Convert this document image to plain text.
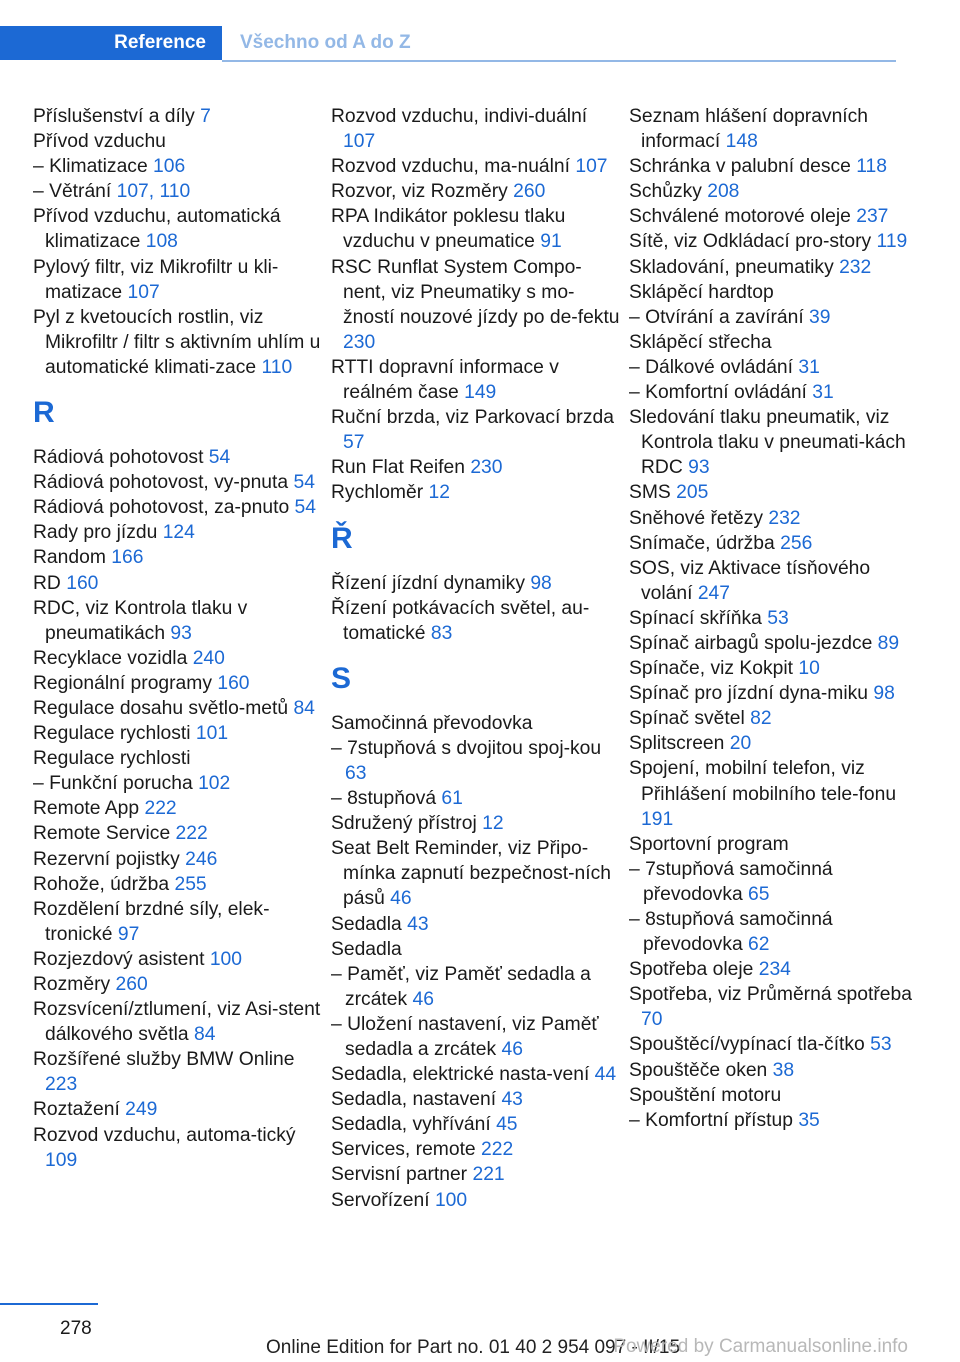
Reference	Všechno od A do Z
Příslušenství a díly 7
Přívod vzduchu
– Klimatizace 106
– Větrání 107, 110
Přívod vzduchu, automatická klimatizace 108
Pylový filtr, viz Mikrofiltr u kli-matizace 107
Pyl z kvetoucích rostlin, viz Mikrofiltr / filtr s aktivním uhlím u automatické klimati-zace 110
R
Rádiová pohotovost 54
Rádiová pohotovost, vy-pnuta 54
Rádiová pohotovost, za-pnuto 54
Rady pro jízdu 124
Random 166
RD 160
RDC, viz Kontrola tlaku v pneumatikách 93
Recyklace vozidla 240
Regionální programy 160
Regulace dosahu světlo-metů 84
Regulace rychlosti 101
Regulace rychlosti
– Funkční porucha 102
Remote App 222
Remote Service 222
Rezervní pojistky 246
Rohože, údržba 255
Rozdělení brzdné síly, elek-tronické 97
Rozjezdový asistent 100
Rozměry 260
Rozsvícení/ztlumení, viz Asi-stent dálkového světla 84
Rozšířené služby BMW Online 223
Roztažení 249
Rozvod vzduchu, automa-tický 109
Rozvod vzduchu, indivi-duální 107
Rozvod vzduchu, ma-nuální 107
Rozvor, viz Rozměry 260
RPA Indikátor poklesu tlaku vzduchu v pneumatice 91
RSC Runflat System Compo-nent, viz Pneumatiky s mo-žností nouzové jízdy po de-fektu 230
RTTI dopravní informace v reálném čase 149
Ruční brzda, viz Parkovací brzda 57
Run Flat Reifen 230
Rychloměr 12
Ř
Řízení jízdní dynamiky 98
Řízení potkávacích světel, au-tomatické 83
S
Samočinná převodovka
– 7stupňová s dvojitou spoj-kou 63
– 8stupňová 61
Sdružený přístroj 12
Seat Belt Reminder, viz Připo-mínka zapnutí bezpečnost-ních pásů 46
Sedadla 43
Sedadla
– Paměť, viz Paměť sedadla a zrcátek 46
– Uložení nastavení, viz Paměť sedadla a zrcátek 46
Sedadla, elektrické nasta-vení 44
Sedadla, nastavení 43
Sedadla, vyhřívání 45
Services, remote 222
Servisní partner 221
Servořízení 100
Seznam hlášení dopravních informací 148
Schránka v palubní desce 118
Schůzky 208
Schválené motorové oleje 237
Sítě, viz Odkládací pro-story 119
Skladování, pneumatiky 232
Sklápěcí hardtop
– Otvírání a zavírání 39
Sklápěcí střecha
– Dálkové ovládání 31
– Komfortní ovládání 31
Sledování tlaku pneumatik, viz Kontrola tlaku v pneumati-kách RDC 93
SMS 205
Sněhové řetězy 232
Snímače, údržba 256
SOS, viz Aktivace tísňového volání 247
Spínací skříňka 53
Spínač airbagů spolu-jezdce 89
Spínače, viz Kokpit 10
Spínač pro jízdní dyna-miku 98
Spínač světel 82
Splitscreen 20
Spojení, mobilní telefon, viz Přihlášení mobilního tele-fonu 191
Sportovní program
– 7stupňová samočinná převodovka 65
– 8stupňová samočinná převodovka 62
Spotřeba oleje 234
Spotřeba, viz Průměrná spotřeba 70
Spouštěcí/vypínací tla-čítko 53
Spouštěče oken 38
Spouštění motoru
– Komfortní přístup 35
278
Online Edition for Part no. 01 40 2 954 097 - II/15
Powered by Carmanualsonline.info
